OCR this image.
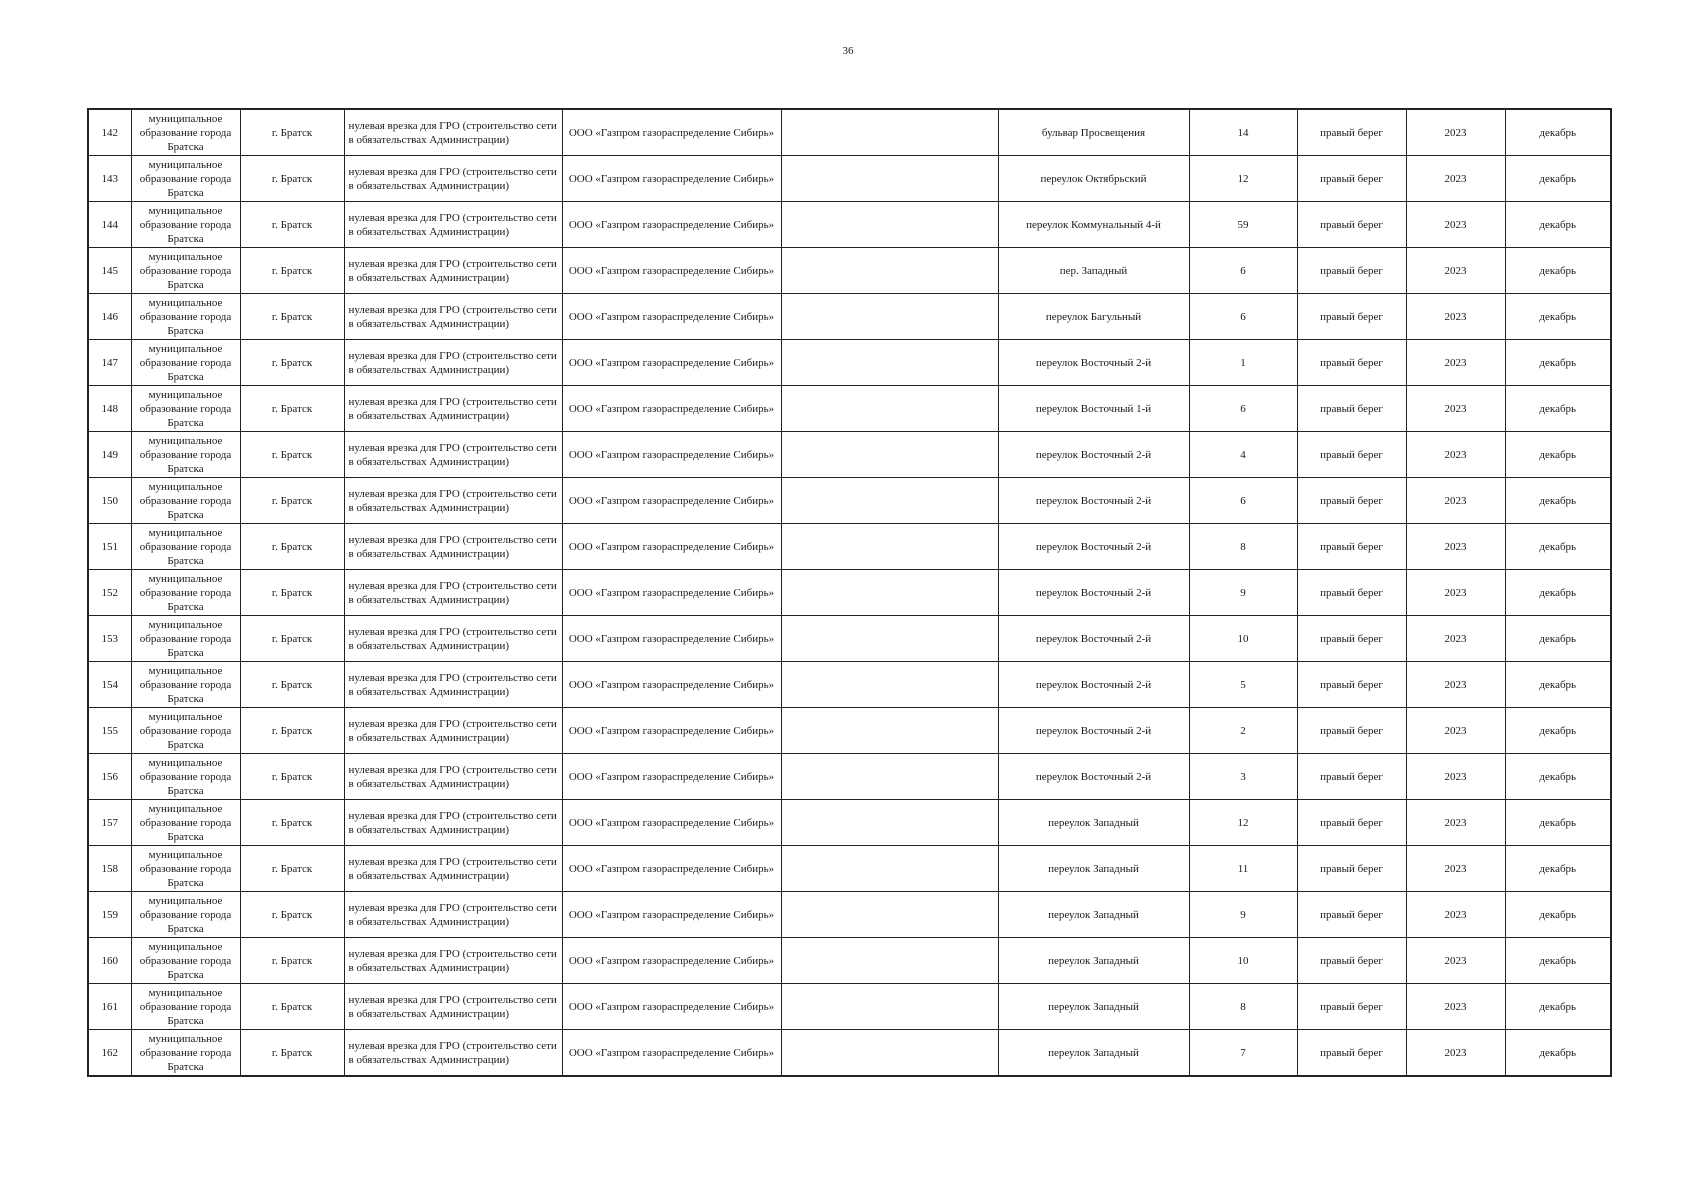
36
142	муниципальное образование города Братска	г. Братск	нулевая врезка для ГРО (строительство сети в обязательствах Администрации)	ООО «Газпром газораспределение Сибирь»		бульвар Просвещения	14	правый берег	2023	декабрь
143	муниципальное образование города Братска	г. Братск	нулевая врезка для ГРО (строительство сети в обязательствах Администрации)	ООО «Газпром газораспределение Сибирь»		переулок Октябрьский	12	правый берег	2023	декабрь
144	муниципальное образование города Братска	г. Братск	нулевая врезка для ГРО (строительство сети в обязательствах Администрации)	ООО «Газпром газораспределение Сибирь»		переулок Коммунальный 4-й	59	правый берег	2023	декабрь
145	муниципальное образование города Братска	г. Братск	нулевая врезка для ГРО (строительство сети в обязательствах Администрации)	ООО «Газпром газораспределение Сибирь»		пер. Западный	6	правый берег	2023	декабрь
146	муниципальное образование города Братска	г. Братск	нулевая врезка для ГРО (строительство сети в обязательствах Администрации)	ООО «Газпром газораспределение Сибирь»		переулок Багульный	6	правый берег	2023	декабрь
147	муниципальное образование города Братска	г. Братск	нулевая врезка для ГРО (строительство сети в обязательствах Администрации)	ООО «Газпром газораспределение Сибирь»		переулок Восточный 2-й	1	правый берег	2023	декабрь
148	муниципальное образование города Братска	г. Братск	нулевая врезка для ГРО (строительство сети в обязательствах Администрации)	ООО «Газпром газораспределение Сибирь»		переулок Восточный 1-й	6	правый берег	2023	декабрь
149	муниципальное образование города Братска	г. Братск	нулевая врезка для ГРО (строительство сети в обязательствах Администрации)	ООО «Газпром газораспределение Сибирь»		переулок Восточный 2-й	4	правый берег	2023	декабрь
150	муниципальное образование города Братска	г. Братск	нулевая врезка для ГРО (строительство сети в обязательствах Администрации)	ООО «Газпром газораспределение Сибирь»		переулок Восточный 2-й	6	правый берег	2023	декабрь
151	муниципальное образование города Братска	г. Братск	нулевая врезка для ГРО (строительство сети в обязательствах Администрации)	ООО «Газпром газораспределение Сибирь»		переулок Восточный 2-й	8	правый берег	2023	декабрь
152	муниципальное образование города Братска	г. Братск	нулевая врезка для ГРО (строительство сети в обязательствах Администрации)	ООО «Газпром газораспределение Сибирь»		переулок Восточный 2-й	9	правый берег	2023	декабрь
153	муниципальное образование города Братска	г. Братск	нулевая врезка для ГРО (строительство сети в обязательствах Администрации)	ООО «Газпром газораспределение Сибирь»		переулок Восточный 2-й	10	правый берег	2023	декабрь
154	муниципальное образование города Братска	г. Братск	нулевая врезка для ГРО (строительство сети в обязательствах Администрации)	ООО «Газпром газораспределение Сибирь»		переулок Восточный 2-й	5	правый берег	2023	декабрь
155	муниципальное образование города Братска	г. Братск	нулевая врезка для ГРО (строительство сети в обязательствах Администрации)	ООО «Газпром газораспределение Сибирь»		переулок Восточный 2-й	2	правый берег	2023	декабрь
156	муниципальное образование города Братска	г. Братск	нулевая врезка для ГРО (строительство сети в обязательствах Администрации)	ООО «Газпром газораспределение Сибирь»		переулок Восточный 2-й	3	правый берег	2023	декабрь
157	муниципальное образование города Братска	г. Братск	нулевая врезка для ГРО (строительство сети в обязательствах Администрации)	ООО «Газпром газораспределение Сибирь»		переулок Западный	12	правый берег	2023	декабрь
158	муниципальное образование города Братска	г. Братск	нулевая врезка для ГРО (строительство сети в обязательствах Администрации)	ООО «Газпром газораспределение Сибирь»		переулок Западный	11	правый берег	2023	декабрь
159	муниципальное образование города Братска	г. Братск	нулевая врезка для ГРО (строительство сети в обязательствах Администрации)	ООО «Газпром газораспределение Сибирь»		переулок Западный	9	правый берег	2023	декабрь
160	муниципальное образование города Братска	г. Братск	нулевая врезка для ГРО (строительство сети в обязательствах Администрации)	ООО «Газпром газораспределение Сибирь»		переулок Западный	10	правый берег	2023	декабрь
161	муниципальное образование города Братска	г. Братск	нулевая врезка для ГРО (строительство сети в обязательствах Администрации)	ООО «Газпром газораспределение Сибирь»		переулок Западный	8	правый берег	2023	декабрь
162	муниципальное образование города Братска	г. Братск	нулевая врезка для ГРО (строительство сети в обязательствах Администрации)	ООО «Газпром газораспределение Сибирь»		переулок Западный	7	правый берег	2023	декабрь
